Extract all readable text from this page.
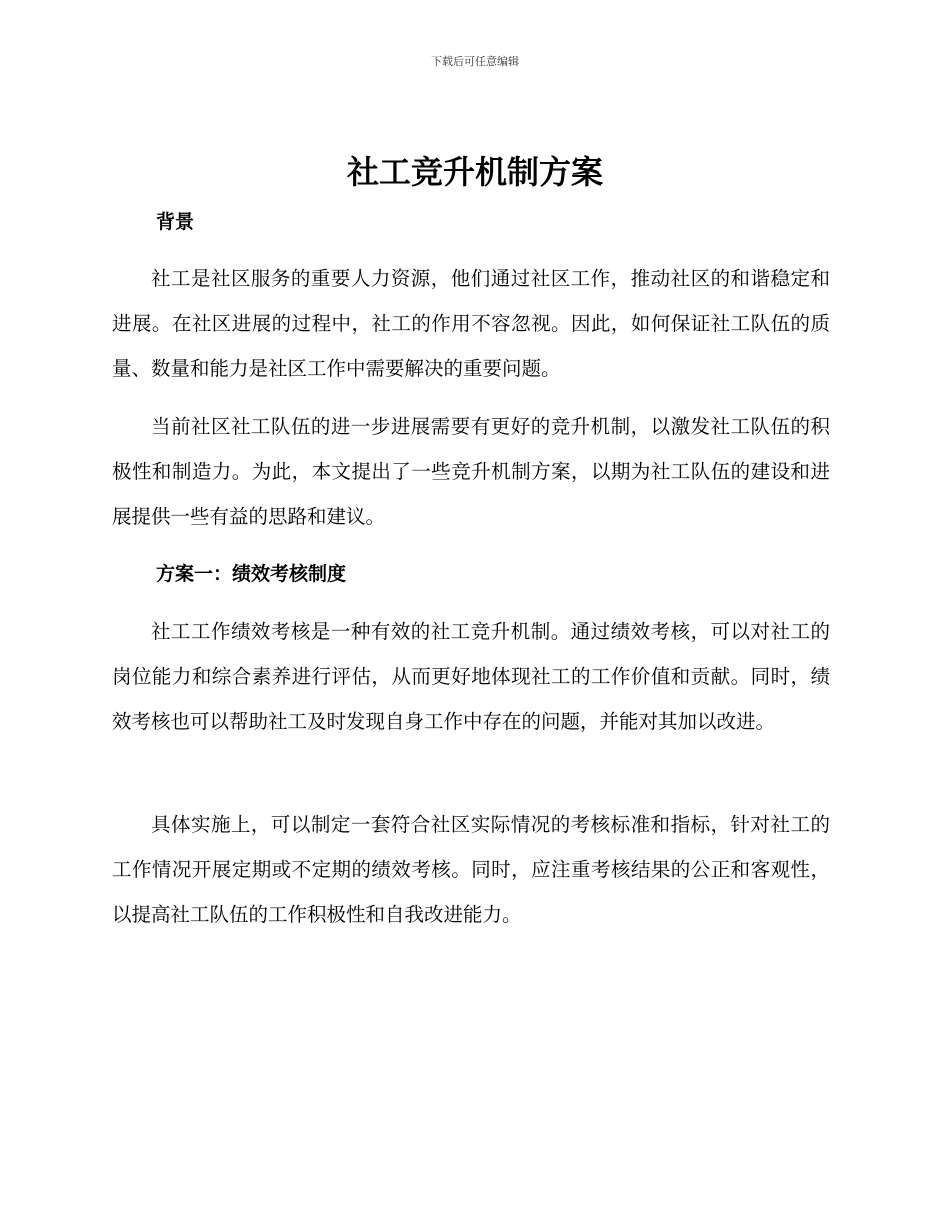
下载后可任意编辑
社工竞升机制方案
背景

社工是社区服务的重要人力资源，他们通过社区工作，推动社区的和谐稳定和进展。在社区进展的过程中，社工的作用不容忽视。因此，如何保证社工队伍的质量、数量和能力是社区工作中需要解决的重要问题。

当前社区社工队伍的进一步进展需要有更好的竞升机制，以激发社工队伍的积极性和制造力。为此，本文提出了一些竞升机制方案，以期为社工队伍的建设和进展提供一些有益的思路和建议。

方案一：绩效考核制度

社工工作绩效考核是一种有效的社工竞升机制。通过绩效考核，可以对社工的岗位能力和综合素养进行评估，从而更好地体现社工的工作价值和贡献。同时，绩效考核也可以帮助社工及时发现自身工作中存在的问题，并能对其加以改进。

具体实施上，可以制定一套符合社区实际情况的考核标准和指标，针对社工的工作情况开展定期或不定期的绩效考核。同时，应注重考核结果的公正和客观性，以提高社工队伍的工作积极性和自我改进能力。
